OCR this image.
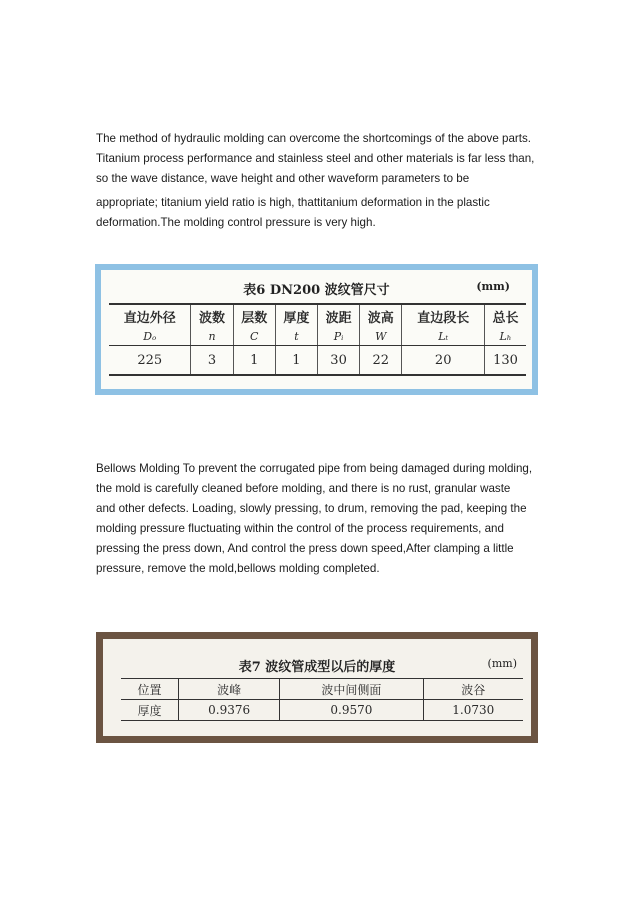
The method of hydraulic molding can overcome the shortcomings of the above parts.

Titanium process performance and stainless steel and other materials is far less than,

so the wave distance, wave height and other waveform parameters to be

appropriate; titanium yield ratio is high, thattitanium deformation in the plastic

deformation.The molding control pressure is very high.

表6 DN200 波纹管尺寸	(mm)
直边外径	波数	层数	厚度	波距	波高	直边段长	总长
Dₒ	n	C	t	Pᵢ	W	Lₜ	Lₕ
225	3	1	1	30	22	20	130

Bellows Molding To prevent the corrugated pipe from being damaged during molding,

the mold is carefully cleaned before molding, and there is no rust, granular waste

and other defects. Loading, slowly pressing, to drum, removing the pad, keeping the

molding pressure fluctuating within the control of the process requirements, and

pressing the press down, And control the press down speed,After clamping a little

pressure, remove the mold,bellows molding completed.

表7 波纹管成型以后的厚度	(mm)
位置	波峰	波中间侧面	波谷
厚度	0.9376	0.9570	1.0730
